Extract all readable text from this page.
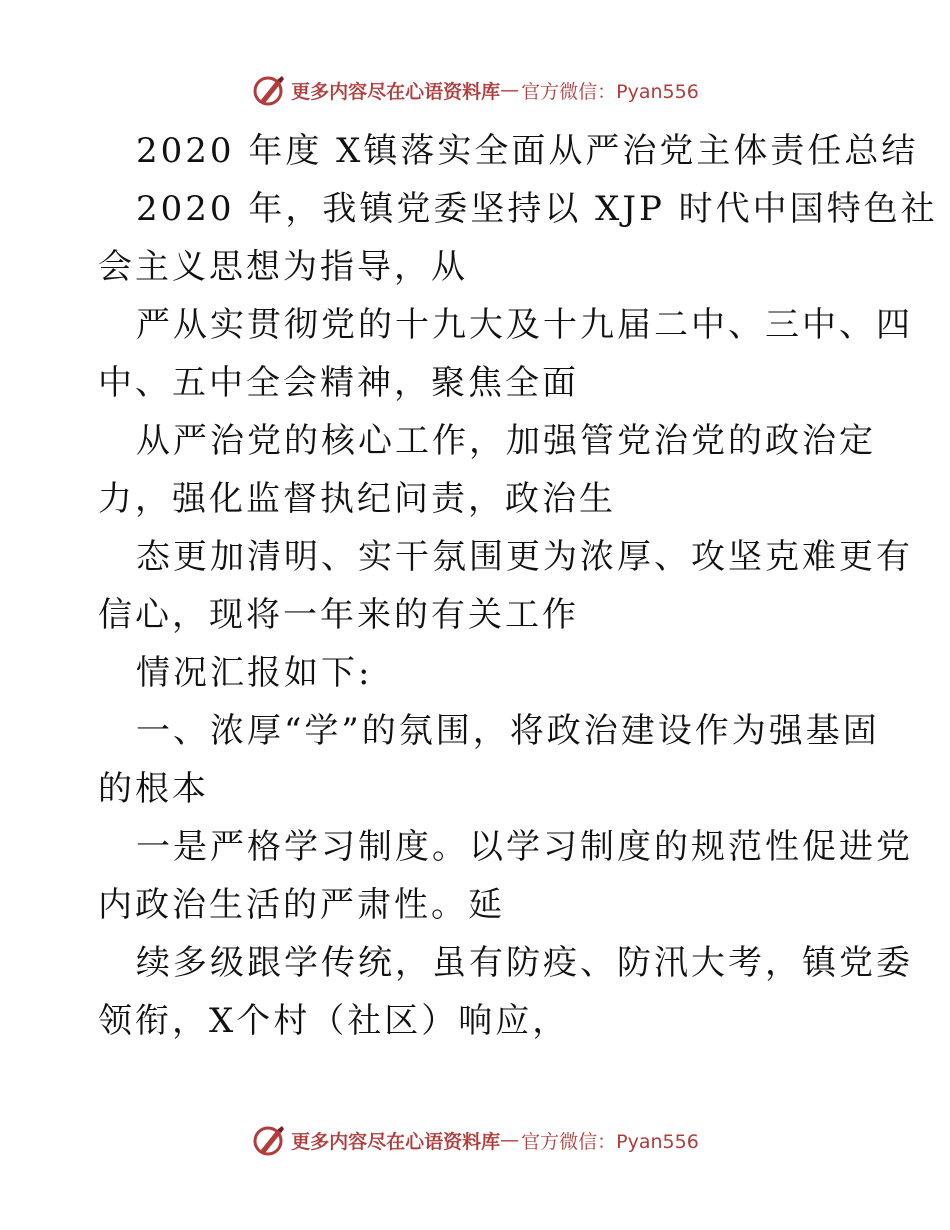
更多内容尽在心语资料库 — 官方微信：Pyan556
2020 年度 X镇落实全面从严治党主体责任总结
2020 年，我镇党委坚持以 XJP 时代中国特色社
会主义思想为指导，从
严从实贯彻党的十九大及十九届二中、三中、四
中、五中全会精神，聚焦全面
从严治党的核心工作，加强管党治党的政治定
力，强化监督执纪问责，政治生
态更加清明、实干氛围更为浓厚、攻坚克难更有
信心，现将一年来的有关工作
情况汇报如下:
一、浓厚“学”的氛围，将政治建设作为强基固
的根本
一是严格学习制度。以学习制度的规范性促进党
内政治生活的严肃性。延
续多级跟学传统，虽有防疫、防汛大考，镇党委
领衔，X个村（社区）响应，
更多内容尽在心语资料库 — 官方微信：Pyan556
